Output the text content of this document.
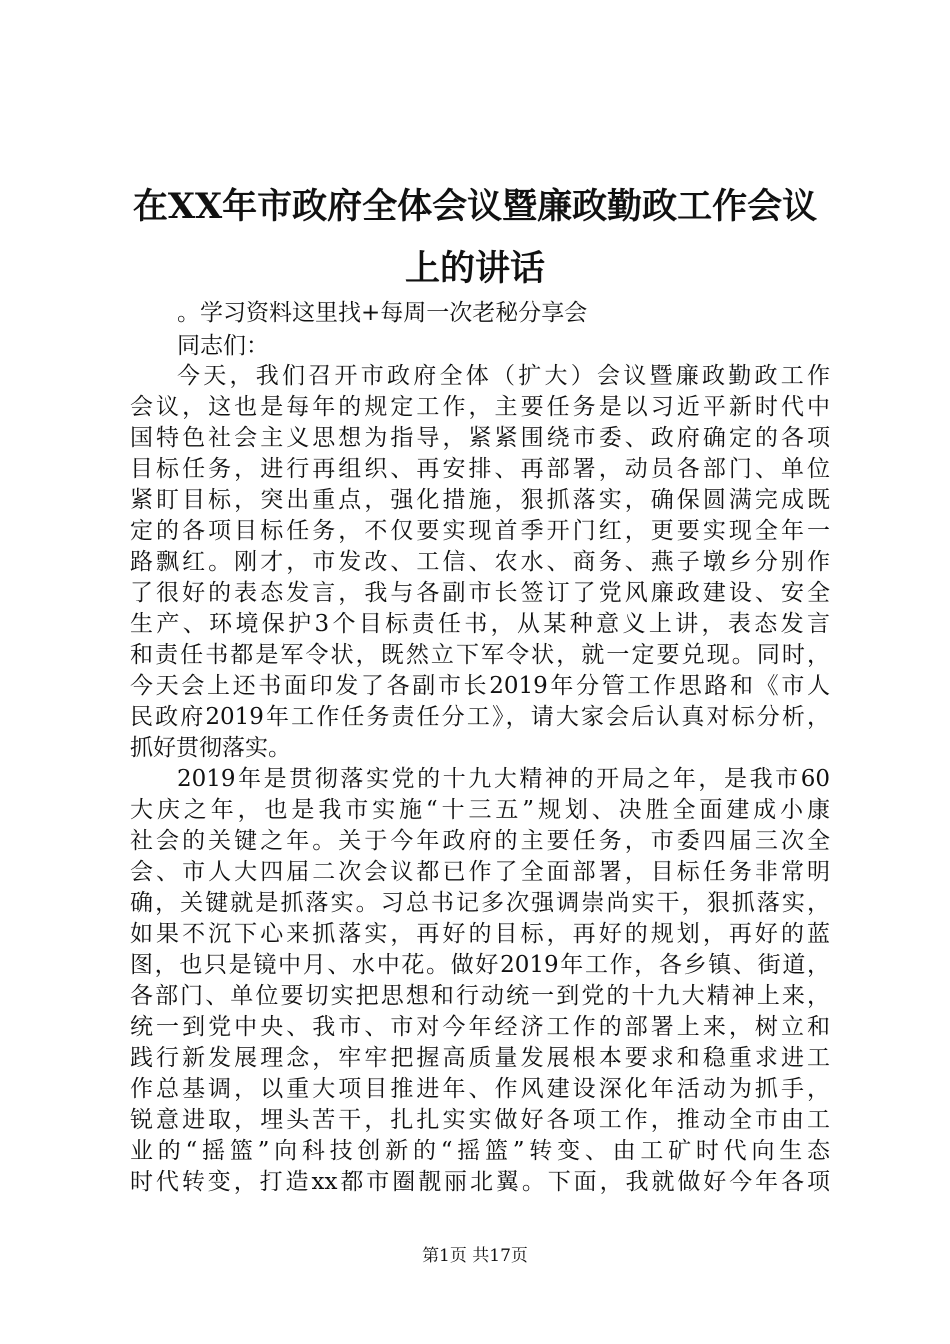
在XX年市政府全体会议暨廉政勤政工作会议
上的讲话
。学习资料这里找+每周一次老秘分享会
同志们：
今天，我们召开市政府全体（扩大）会议暨廉政勤政工作
会议，这也是每年的规定工作，主要任务是以习近平新时代中
国特色社会主义思想为指导，紧紧围绕市委、政府确定的各项
目标任务，进行再组织、再安排、再部署，动员各部门、单位
紧盯目标，突出重点，强化措施，狠抓落实，确保圆满完成既
定的各项目标任务，不仅要实现首季开门红，更要实现全年一
路飘红。刚才，市发改、工信、农水、商务、燕子墩乡分别作
了很好的表态发言，我与各副市长签订了党风廉政建设、安全
生产、环境保护3个目标责任书，从某种意义上讲，表态发言
和责任书都是军令状，既然立下军令状，就一定要兑现。同时，
今天会上还书面印发了各副市长2019年分管工作思路和《市人
民政府2019年工作任务责任分工》，请大家会后认真对标分析，
抓好贯彻落实。
2019年是贯彻落实党的十九大精神的开局之年，是我市60
大庆之年，也是我市实施“十三五”规划、决胜全面建成小康
社会的关键之年。关于今年政府的主要任务，市委四届三次全
会、市人大四届二次会议都已作了全面部署，目标任务非常明
确，关键就是抓落实。习总书记多次强调崇尚实干，狠抓落实，
如果不沉下心来抓落实，再好的目标，再好的规划，再好的蓝
图，也只是镜中月、水中花。做好2019年工作，各乡镇、街道，
各部门、单位要切实把思想和行动统一到党的十九大精神上来，
统一到党中央、我市、市对今年经济工作的部署上来，树立和
践行新发展理念，牢牢把握高质量发展根本要求和稳重求进工
作总基调，以重大项目推进年、作风建设深化年活动为抓手，
锐意进取，埋头苦干，扎扎实实做好各项工作，推动全市由工
业的“摇篮”向科技创新的“摇篮”转变、由工矿时代向生态
时代转变，打造xx都市圈靓丽北翼。下面，我就做好今年各项
第1页 共17页
